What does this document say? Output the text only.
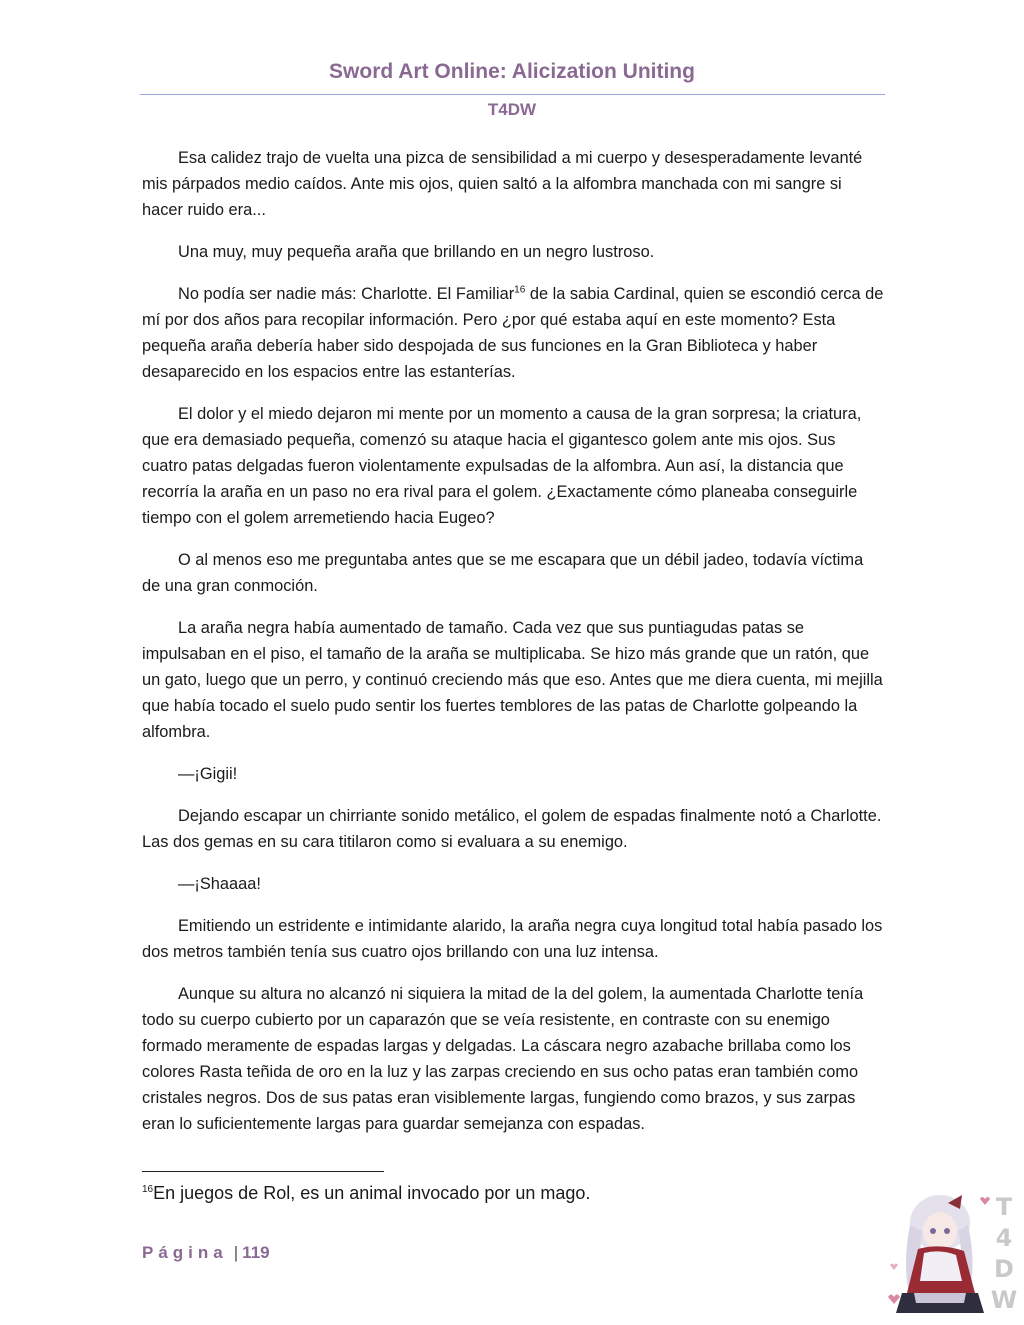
Sword Art Online: Alicization Uniting
T4DW

Esa calidez trajo de vuelta una pizca de sensibilidad a mi cuerpo y desesperadamente levanté mis párpados medio caídos. Ante mis ojos, quien saltó a la alfombra manchada con mi sangre si hacer ruido era...

Una muy, muy pequeña araña que brillando en un negro lustroso.

No podía ser nadie más: Charlotte. El Familiar$^{16}$ de la sabia Cardinal, quien se escondió cerca de mí por dos años para recopilar información. Pero ¿por qué estaba aquí en este momento? Esta pequeña araña debería haber sido despojada de sus funciones en la Gran Biblioteca y haber desaparecido en los espacios entre las estanterías.

El dolor y el miedo dejaron mi mente por un momento a causa de la gran sorpresa; la criatura, que era demasiado pequeña, comenzó su ataque hacia el gigantesco golem ante mis ojos. Sus cuatro patas delgadas fueron violentamente expulsadas de la alfombra. Aun así, la distancia que recorría la araña en un paso no era rival para el golem. ¿Exactamente cómo planeaba conseguirle tiempo con el golem arremetiendo hacia Eugeo?

O al menos eso me preguntaba antes que se me escapara que un débil jadeo, todavía víctima de una gran conmoción.

La araña negra había aumentado de tamaño. Cada vez que sus puntiagudas patas se impulsaban en el piso, el tamaño de la araña se multiplicaba. Se hizo más grande que un ratón, que un gato, luego que un perro, y continuó creciendo más que eso. Antes que me diera cuenta, mi mejilla que había tocado el suelo pudo sentir los fuertes temblores de las patas de Charlotte golpeando la alfombra.

—¡Gigii!

Dejando escapar un chirriante sonido metálico, el golem de espadas finalmente notó a Charlotte. Las dos gemas en su cara titilaron como si evaluara a su enemigo.

—¡Shaaaa!

Emitiendo un estridente e intimidante alarido, la araña negra cuya longitud total había pasado los dos metros también tenía sus cuatro ojos brillando con una luz intensa.

Aunque su altura no alcanzó ni siquiera la mitad de la del golem, la aumentada Charlotte tenía todo su cuerpo cubierto por un caparazón que se veía resistente, en contraste con su enemigo formado meramente de espadas largas y delgadas. La cáscara negro azabache brillaba como los colores Rasta teñida de oro en la luz y las zarpas creciendo en sus ocho patas eran también como cristales negros. Dos de sus patas eran visiblemente largas, fungiendo como brazos, y sus zarpas eran lo suficientemente largas para guardar semejanza con espadas.

$^{16}$En juegos de Rol, es un animal invocado por un mago.
Página | 119
T
4
D
W
